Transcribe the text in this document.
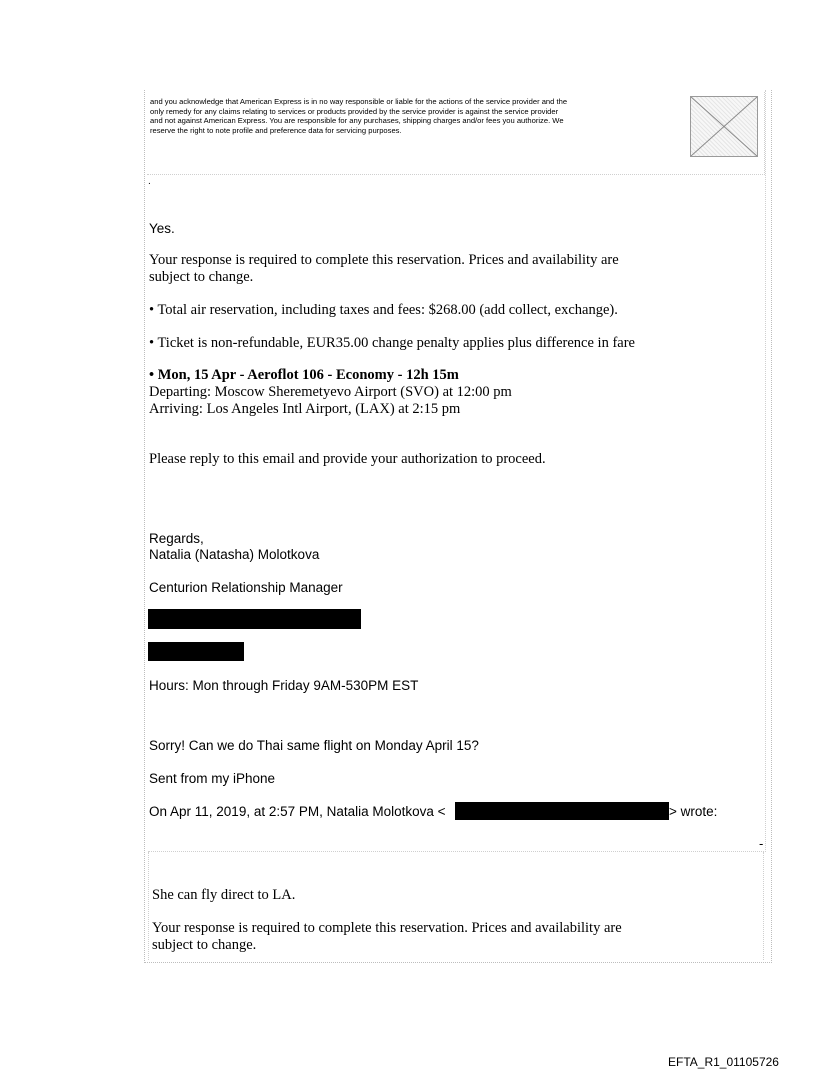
and you acknowledge that American Express is in no way responsible or liable for the actions of the service provider and the
only remedy for any claims relating to services or products provided by the service provider is against the service provider
and not against American Express. You are responsible for any purchases, shipping charges and/or fees you authorize. We
reserve the right to note profile and preference data for servicing purposes.
.
Yes.
Your response is required to complete this reservation. Prices and availability are
subject to change.
• Total air reservation, including taxes and fees: $268.00 (add collect, exchange).
• Ticket is non-refundable, EUR35.00 change penalty applies plus difference in fare
• Mon, 15 Apr - Aeroflot 106 - Economy - 12h 15m
Departing: Moscow Sheremetyevo Airport (SVO) at 12:00 pm
Arriving: Los Angeles Intl Airport, (LAX) at 2:15 pm
Please reply to this email and provide your authorization to proceed.
Regards,
Natalia (Natasha) Molotkova
Centurion Relationship Manager
Hours: Mon through Friday 9AM-530PM EST
Sorry! Can we do Thai same flight on Monday April 15?
Sent from my iPhone
On Apr 11, 2019, at 2:57 PM, Natalia Molotkova <	> wrote:
-
She can fly direct to LA.
Your response is required to complete this reservation. Prices and availability are
subject to change.
EFTA_R1_01105726
